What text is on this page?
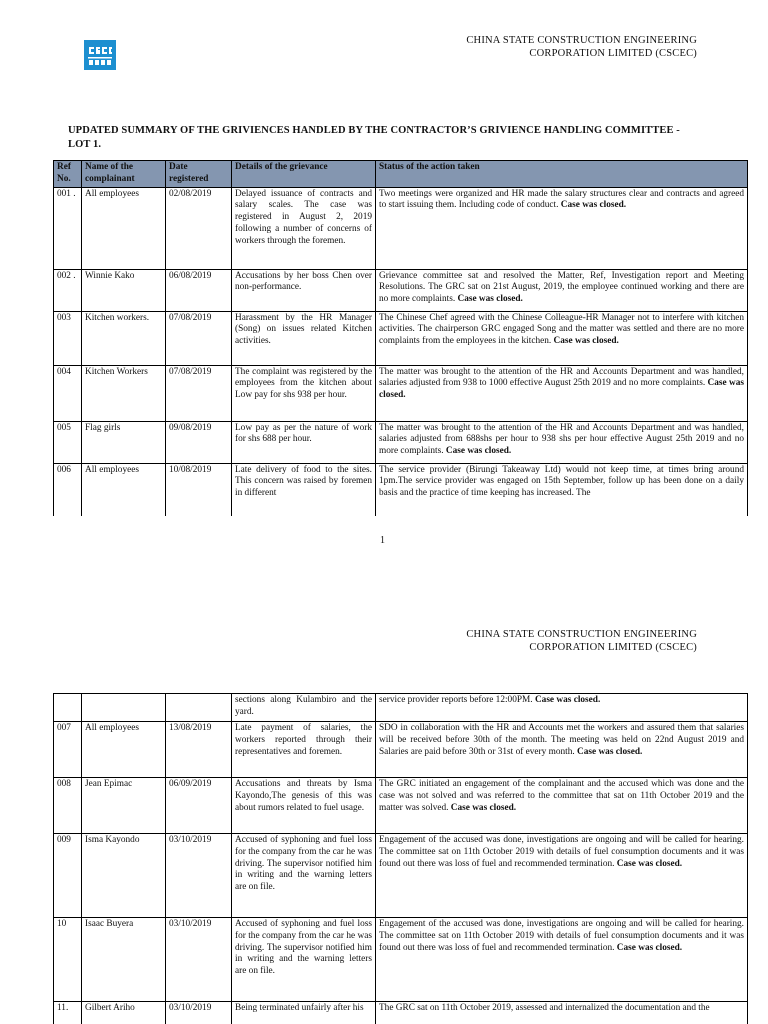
CHINA STATE CONSTRUCTION ENGINEERING
CORPORATION LIMITED (CSCEC)
UPDATED SUMMARY OF THE GRIVIENCES HANDLED BY THE CONTRACTOR’S GRIVIENCE HANDLING COMMITTEE -
LOT 1.
Ref No.	Name of the complainant	Date registered	Details of the grievance	Status of the action taken
001 .	All employees	02/08/2019	Delayed issuance of contracts and salary scales. The case was registered in August 2, 2019 following a number of concerns of workers through the foremen.	Two meetings were organized and HR made the salary structures clear and contracts and agreed to start issuing them. Including code of conduct. Case was closed.
002 .	Winnie Kako	06/08/2019	Accusations by her boss Chen over non-performance.	Grievance committee sat and resolved the Matter, Ref, Investigation report and Meeting Resolutions. The GRC sat on 21st August, 2019, the employee continued working and there are no more complaints. Case was closed.
003	Kitchen workers.	07/08/2019	Harassment by the HR Manager (Song) on issues related Kitchen activities.	The Chinese Chef agreed with the Chinese Colleague-HR Manager not to interfere with kitchen activities. The chairperson GRC engaged Song and the matter was settled and there are no more complaints from the employees in the kitchen. Case was closed.
004	Kitchen Workers	07/08/2019	The complaint was registered by the employees from the kitchen about Low pay for shs 938 per hour.	The matter was brought to the attention of the HR and Accounts Department and was handled, salaries adjusted from 938 to 1000 effective August 25th 2019 and no more complaints. Case was closed.
005	Flag girls	09/08/2019	Low pay as per the nature of work for shs 688 per hour.	The matter was brought to the attention of the HR and Accounts Department and was handled, salaries adjusted from 688shs per hour to 938 shs per hour effective August 25th 2019 and no more complaints. Case was closed.
006	All employees	10/08/2019	Late delivery of food to the sites. This concern was raised by foremen in different	The service provider (Birungi Takeaway Ltd) would not keep time, at times bring around 1pm.The service provider was engaged on 15th September, follow up has been done on a daily basis and the practice of time keeping has increased. The
1
CHINA STATE CONSTRUCTION ENGINEERING
CORPORATION LIMITED (CSCEC)
			sections along Kulambiro and the yard.	service provider reports before 12:00PM. Case was closed.
007	All employees	13/08/2019	Late payment of salaries, the workers reported through their representatives and foremen.	SDO in collaboration with the HR and Accounts met the workers and assured them that salaries will be received before 30th of the month. The meeting was held on 22nd August 2019 and Salaries are paid before 30th or 31st of every month. Case was closed.
008	Jean Epimac	06/09/2019	Accusations and threats by Isma Kayondo,The genesis of this was about rumors related to fuel usage.	The GRC initiated an engagement of the complainant and the accused which was done and the case was not solved and was referred to the committee that sat on 11th October 2019 and the matter was solved. Case was closed.
009	Isma Kayondo	03/10/2019	Accused of syphoning and fuel loss for the company from the car he was driving. The supervisor notified him in writing and the warning letters are on file.	Engagement of the accused was done, investigations are ongoing and will be called for hearing. The committee sat on 11th October 2019 with details of fuel consumption documents and it was found out there was loss of fuel and recommended termination. Case was closed.
10	Isaac Buyera	03/10/2019	Accused of syphoning and fuel loss for the company from the car he was driving. The supervisor notified him in writing and the warning letters are on file.	Engagement of the accused was done, investigations are ongoing and will be called for hearing. The committee sat on 11th October 2019 with details of fuel consumption documents and it was found out there was loss of fuel and recommended termination. Case was closed.
11.	Gilbert Ariho	03/10/2019	Being terminated unfairly after his	The GRC sat on 11th October 2019, assessed and internalized the documentation and the
